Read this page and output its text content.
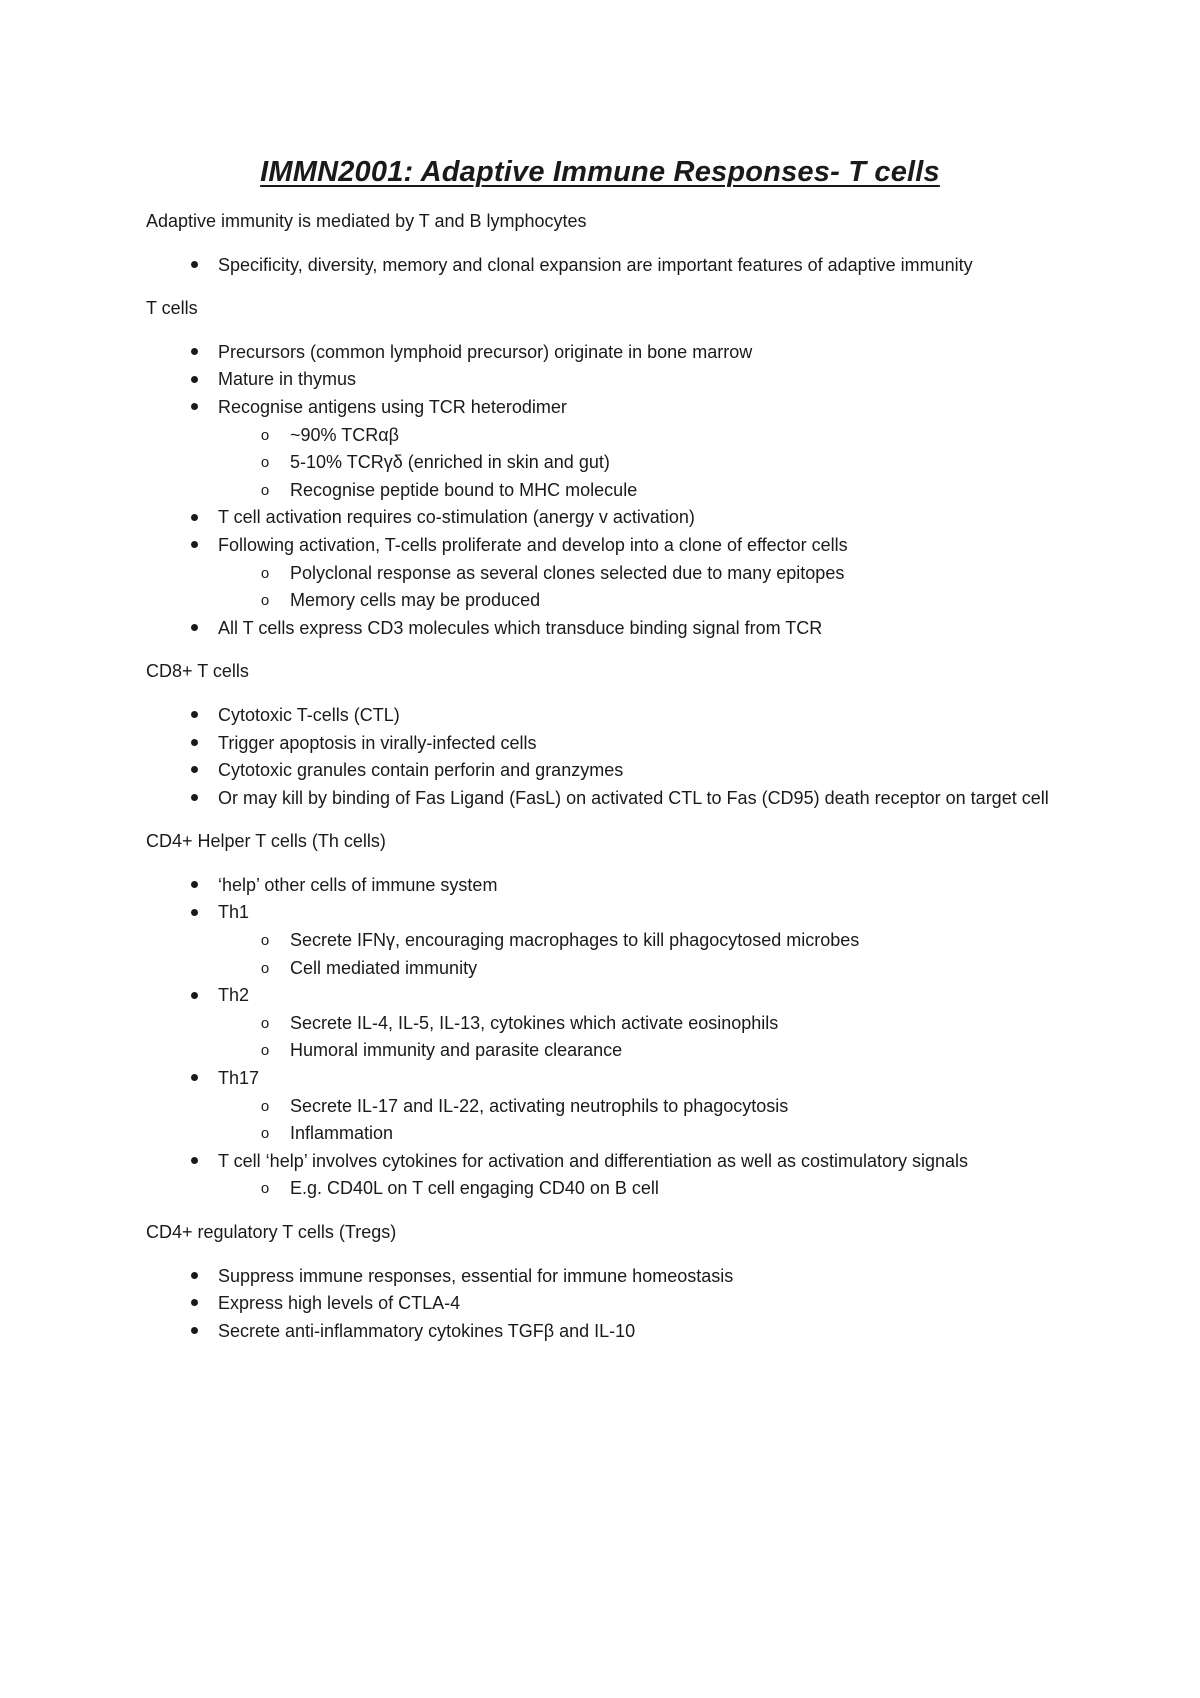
IMMN2001: Adaptive Immune Responses- T cells

Adaptive immunity is mediated by T and B lymphocytes

Specificity, diversity, memory and clonal expansion are important features of adaptive immunity

T cells

Precursors (common lymphoid precursor) originate in bone marrow
Mature in thymus
Recognise antigens using TCR heterodimer
o ~90% TCRαβ
o 5-10% TCRγδ (enriched in skin and gut)
o Recognise peptide bound to MHC molecule
T cell activation requires co-stimulation (anergy v activation)
Following activation, T-cells proliferate and develop into a clone of effector cells
o Polyclonal response as several clones selected due to many epitopes
o Memory cells may be produced
All T cells express CD3 molecules which transduce binding signal from TCR

CD8+ T cells

Cytotoxic T-cells (CTL)
Trigger apoptosis in virally-infected cells
Cytotoxic granules contain perforin and granzymes
Or may kill by binding of Fas Ligand (FasL) on activated CTL to Fas (CD95) death receptor on target cell

CD4+ Helper T cells (Th cells)

‘help’ other cells of immune system
Th1
o Secrete IFNγ, encouraging macrophages to kill phagocytosed microbes
o Cell mediated immunity
Th2
o Secrete IL-4, IL-5, IL-13, cytokines which activate eosinophils
o Humoral immunity and parasite clearance
Th17
o Secrete IL-17 and IL-22, activating neutrophils to phagocytosis
o Inflammation
T cell ‘help’ involves cytokines for activation and differentiation as well as costimulatory signals
o E.g. CD40L on T cell engaging CD40 on B cell

CD4+ regulatory T cells (Tregs)

Suppress immune responses, essential for immune homeostasis
Express high levels of CTLA-4
Secrete anti-inflammatory cytokines TGFβ and IL-10
